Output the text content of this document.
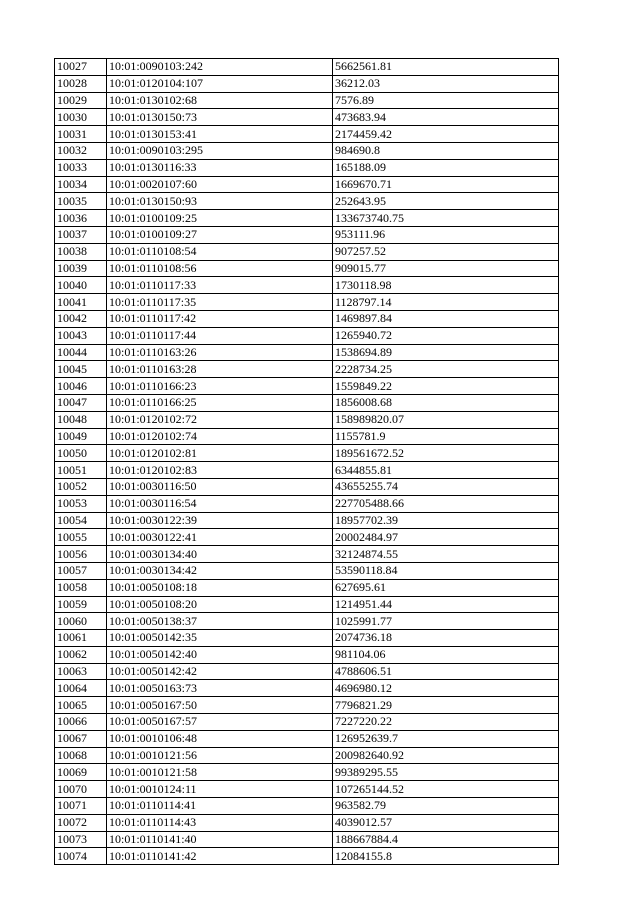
10027	10:01:0090103:242	5662561.81
10028	10:01:0120104:107	36212.03
10029	10:01:0130102:68	7576.89
10030	10:01:0130150:73	473683.94
10031	10:01:0130153:41	2174459.42
10032	10:01:0090103:295	984690.8
10033	10:01:0130116:33	165188.09
10034	10:01:0020107:60	1669670.71
10035	10:01:0130150:93	252643.95
10036	10:01:0100109:25	133673740.75
10037	10:01:0100109:27	953111.96
10038	10:01:0110108:54	907257.52
10039	10:01:0110108:56	909015.77
10040	10:01:0110117:33	1730118.98
10041	10:01:0110117:35	1128797.14
10042	10:01:0110117:42	1469897.84
10043	10:01:0110117:44	1265940.72
10044	10:01:0110163:26	1538694.89
10045	10:01:0110163:28	2228734.25
10046	10:01:0110166:23	1559849.22
10047	10:01:0110166:25	1856008.68
10048	10:01:0120102:72	158989820.07
10049	10:01:0120102:74	1155781.9
10050	10:01:0120102:81	189561672.52
10051	10:01:0120102:83	6344855.81
10052	10:01:0030116:50	43655255.74
10053	10:01:0030116:54	227705488.66
10054	10:01:0030122:39	18957702.39
10055	10:01:0030122:41	20002484.97
10056	10:01:0030134:40	32124874.55
10057	10:01:0030134:42	53590118.84
10058	10:01:0050108:18	627695.61
10059	10:01:0050108:20	1214951.44
10060	10:01:0050138:37	1025991.77
10061	10:01:0050142:35	2074736.18
10062	10:01:0050142:40	981104.06
10063	10:01:0050142:42	4788606.51
10064	10:01:0050163:73	4696980.12
10065	10:01:0050167:50	7796821.29
10066	10:01:0050167:57	7227220.22
10067	10:01:0010106:48	126952639.7
10068	10:01:0010121:56	200982640.92
10069	10:01:0010121:58	99389295.55
10070	10:01:0010124:11	107265144.52
10071	10:01:0110114:41	963582.79
10072	10:01:0110114:43	4039012.57
10073	10:01:0110141:40	188667884.4
10074	10:01:0110141:42	12084155.8
